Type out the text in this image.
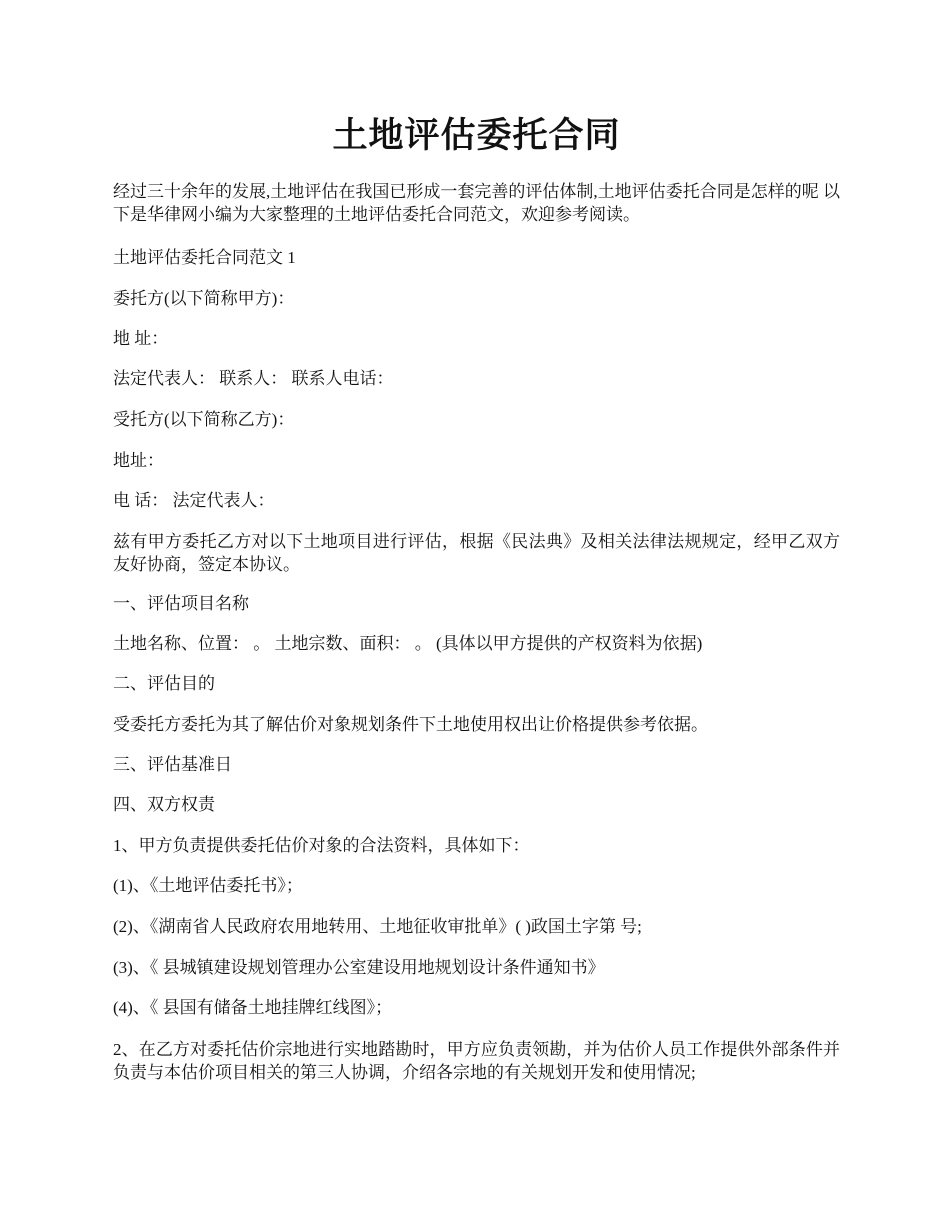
土地评估委托合同

经过三十余年的发展,土地评估在我国已形成一套完善的评估体制,土地评估委托合同是怎样的呢 以下是华律网小编为大家整理的土地评估委托合同范文，欢迎参考阅读。

土地评估委托合同范文 1

委托方(以下简称甲方)：

地 址：

法定代表人： 联系人： 联系人电话：

受托方(以下简称乙方)：

地址：

电 话： 法定代表人：

兹有甲方委托乙方对以下土地项目进行评估，根据《民法典》及相关法律法规规定，经甲乙双方友好协商，签定本协议。

一、评估项目名称

土地名称、位置： 。 土地宗数、面积： 。 (具体以甲方提供的产权资料为依据)

二、评估目的

受委托方委托为其了解估价对象规划条件下土地使用权出让价格提供参考依据。

三、评估基准日

四、双方权责

1、甲方负责提供委托估价对象的合法资料，具体如下：

(1)、《土地评估委托书》；

(2)、《湖南省人民政府农用地转用、土地征收审批单》( )政国土字第 号;

(3)、《 县城镇建设规划管理办公室建设用地规划设计条件通知书》

(4)、《 县国有储备土地挂牌红线图》；

2、在乙方对委托估价宗地进行实地踏勘时，甲方应负责领勘，并为估价人员工作提供外部条件并负责与本估价项目相关的第三人协调，介绍各宗地的有关规划开发和使用情况;
